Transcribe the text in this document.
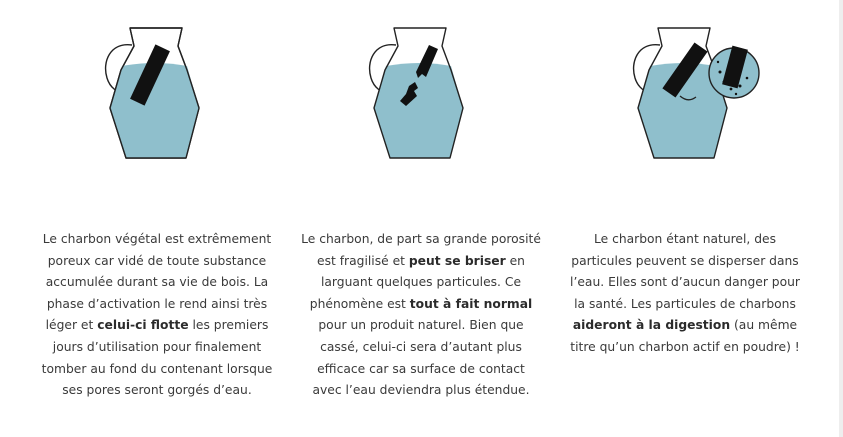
Le charbon végétal est extrêmement poreux car vidé de toute substance accumulée durant sa vie de bois. La phase d’activation le rend ainsi très léger et celui-ci flotte les premiers jours d’utilisation pour finalement tomber au fond du contenant lorsque ses pores seront gorgés d’eau.
Le charbon, de part sa grande porosité est fragilisé et peut se briser en larguant quelques particules. Ce phénomène est tout à fait normal pour un produit naturel. Bien que cassé, celui-ci sera d’autant plus efficace car sa surface de contact avec l’eau deviendra plus étendue.
Le charbon étant naturel, des particules peuvent se disperser dans l’eau. Elles sont d’aucun danger pour la santé. Les particules de charbons aideront à la digestion (au même titre qu’un charbon actif en poudre) !
